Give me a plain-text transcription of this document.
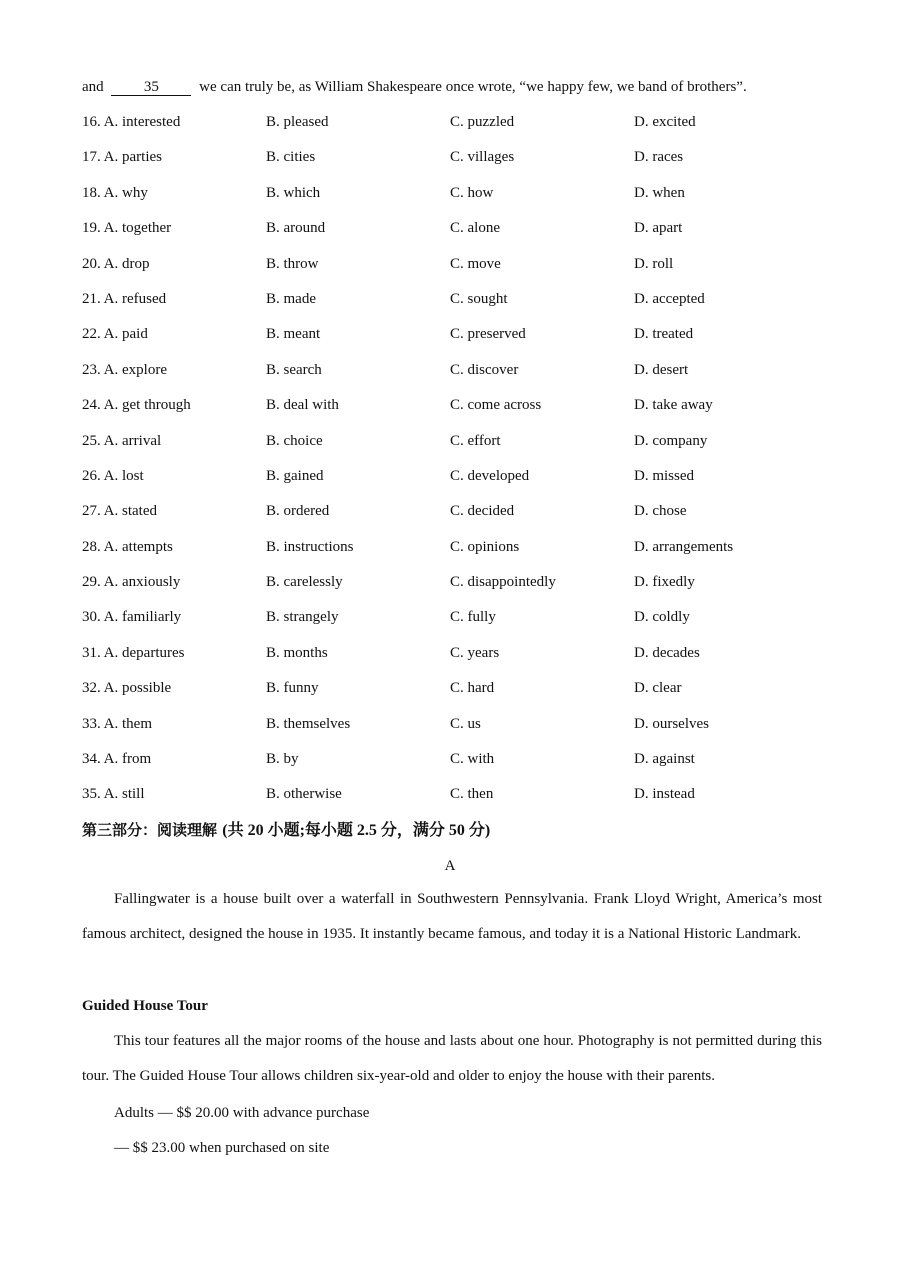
and	35	we can truly be, as William Shakespeare once wrote, “we happy few, we band of brothers”.
16. A. interested	B. pleased	C. puzzled	D. excited
17. A. parties	B. cities	C. villages	D. races
18. A. why	B. which	C. how	D. when
19. A. together	B. around	C. alone	D. apart
20. A. drop	B. throw	C. move	D. roll
21. A. refused	B. made	C. sought	D. accepted
22. A. paid	B. meant	C. preserved	D. treated
23. A. explore	B. search	C. discover	D. desert
24. A. get through	B. deal with	C. come across	D. take away
25. A. arrival	B. choice	C. effort	D. company
26. A. lost	B. gained	C. developed	D. missed
27. A. stated	B. ordered	C. decided	D. chose
28. A. attempts	B. instructions	C. opinions	D. arrangements
29. A. anxiously	B. carelessly	C. disappointedly	D. fixedly
30. A. familiarly	B. strangely	C. fully	D. coldly
31. A. departures	B. months	C. years	D. decades
32. A. possible	B. funny	C. hard	D. clear
33. A. them	B. themselves	C. us	D. ourselves
34. A. from	B. by	C. with	D. against
35. A. still	B. otherwise	C. then	D. instead
第三部分：阅读理解 (共 20 小题;每小题 2.5 分，满分 50 分)
A
Fallingwater is a house built over a waterfall in Southwestern Pennsylvania. Frank Lloyd Wright, America’s most famous architect, designed the house in 1935. It instantly became famous, and today it is a National Historic Landmark.
Guided House Tour
This tour features all the major rooms of the house and lasts about one hour. Photography is not permitted during this tour. The Guided House Tour allows children six-year-old and older to enjoy the house with their parents.
Adults — $$ 20.00 with advance purchase
— $$ 23.00 when purchased on site
